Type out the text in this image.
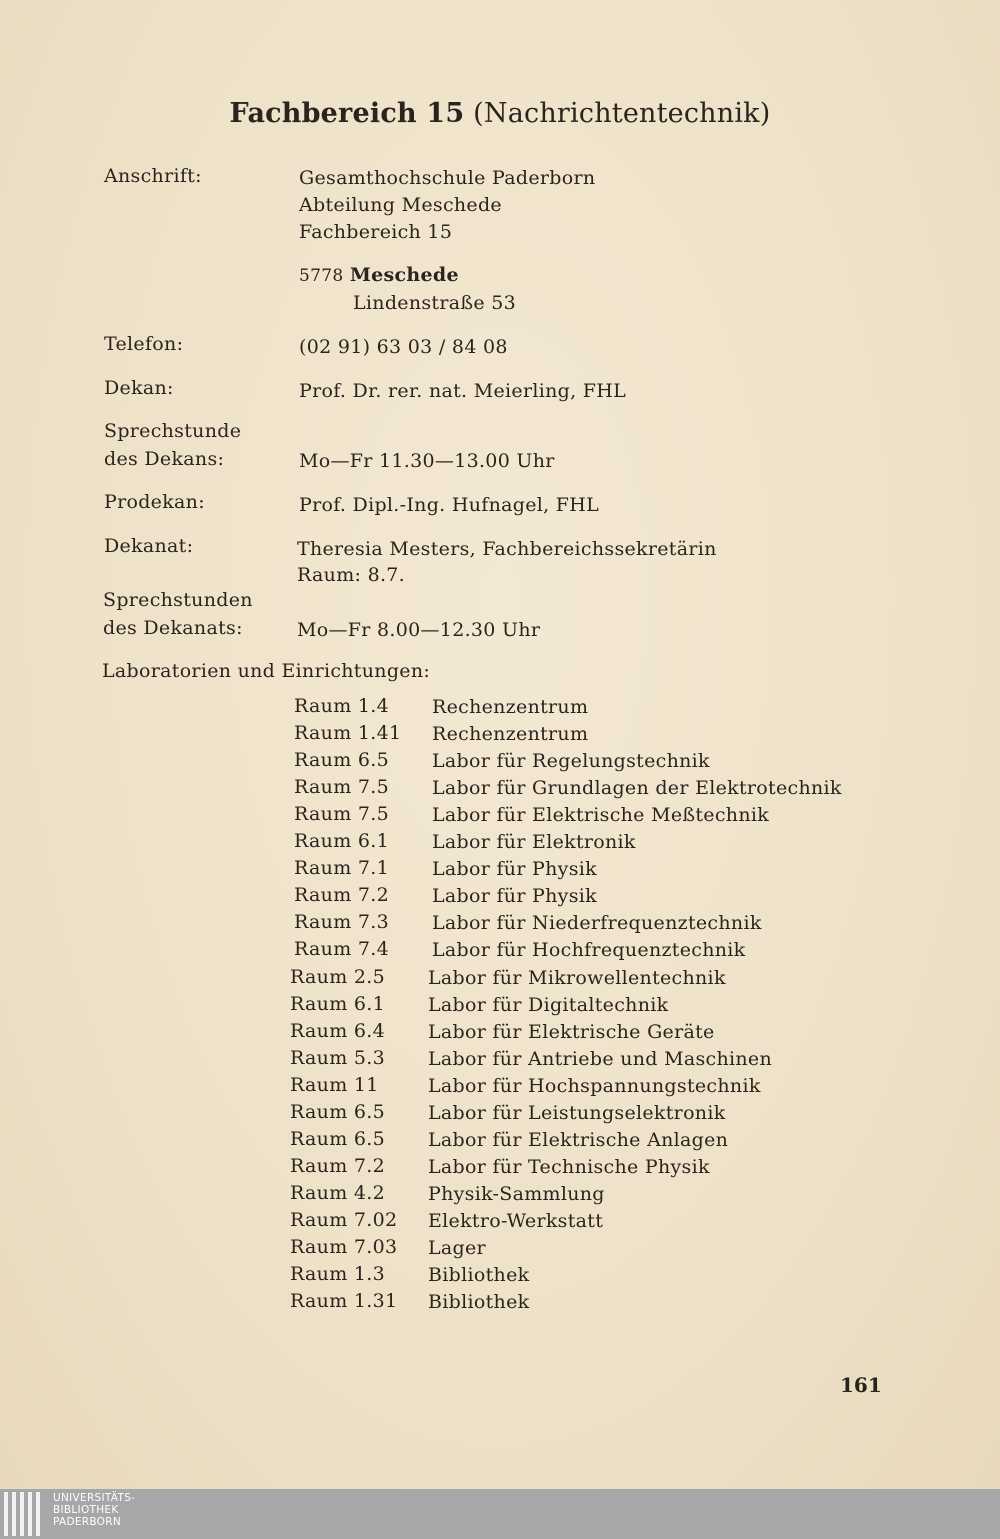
Fachbereich 15 (Nachrichtentechnik)
Anschrift:	Gesamthochschule Paderborn
Abteilung Meschede
Fachbereich 15
5778 Meschede
Lindenstraße 53
Telefon:	(02 91) 63 03 / 84 08
Dekan:	Prof. Dr. rer. nat. Meierling, FHL
Sprechstunde
des Dekans:	Mo—Fr 11.30—13.00 Uhr
Prodekan:	Prof. Dipl.-Ing. Hufnagel, FHL
Dekanat:	Theresia Mesters, Fachbereichssekretärin
Raum: 8.7.
Sprechstunden
des Dekanats:	Mo—Fr 8.00—12.30 Uhr
Laboratorien und Einrichtungen:
Raum 1.4 Rechenzentrum
Raum 1.41 Rechenzentrum
Raum 6.5 Labor für Regelungstechnik
Raum 7.5 Labor für Grundlagen der Elektrotechnik
Raum 7.5 Labor für Elektrische Meßtechnik
Raum 6.1 Labor für Elektronik
Raum 7.1 Labor für Physik
Raum 7.2 Labor für Physik
Raum 7.3 Labor für Niederfrequenztechnik
Raum 7.4 Labor für Hochfrequenztechnik
Raum 2.5 Labor für Mikrowellentechnik
Raum 6.1 Labor für Digitaltechnik
Raum 6.4 Labor für Elektrische Geräte
Raum 5.3 Labor für Antriebe und Maschinen
Raum 11	Labor für Hochspannungstechnik
Raum 6.5 Labor für Leistungselektronik
Raum 6.5 Labor für Elektrische Anlagen
Raum 7.2 Labor für Technische Physik
Raum 4.2 Physik-Sammlung
Raum 7.02 Elektro-Werkstatt
Raum 7.03 Lager
Raum 1.3 Bibliothek
Raum 1.31 Bibliothek
161
UNIVERSITÄTS-
BIBLIOTHEK
PADERBORN
